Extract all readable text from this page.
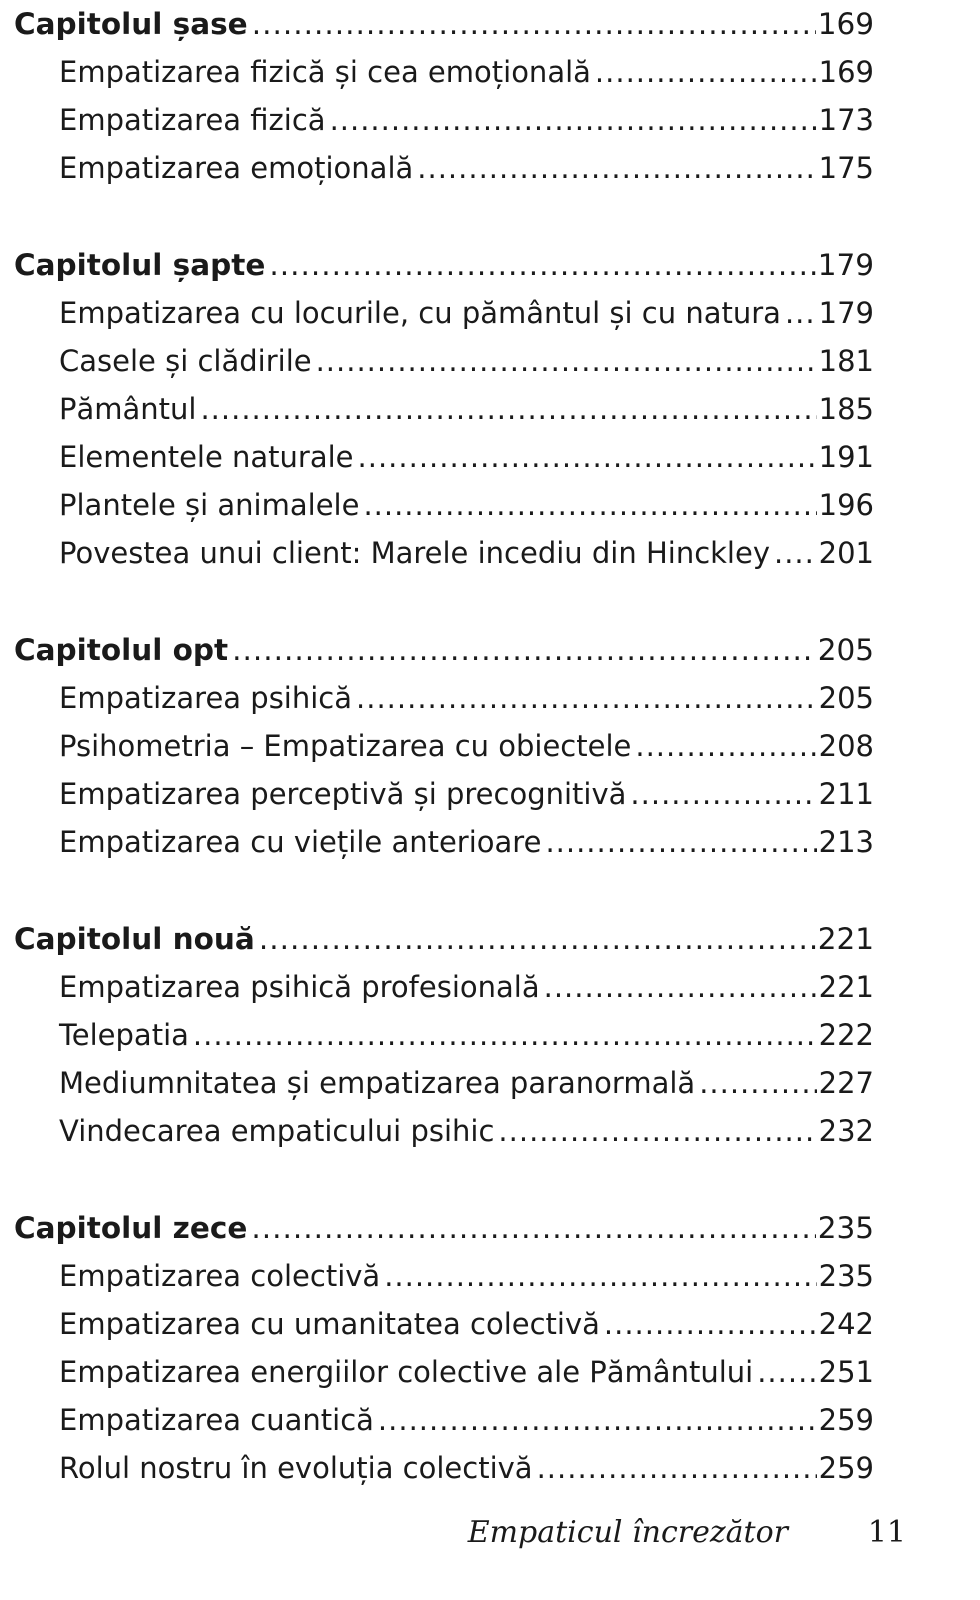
Capitolul șase .....	169
Empatizarea fizică și cea emoțională .....	169
Empatizarea fizică .....	173
Empatizarea emoțională .....	175
Capitolul șapte .....	179
Empatizarea cu locurile, cu pământul și cu natura ..... 179
Casele și clădirile .....	181
Pământul .....	185
Elementele naturale .....	191
Plantele și animalele .....	196
Povestea unui client: Marele incediu din Hinckley ..... 201
Capitolul opt .....	205
Empatizarea psihică .....	205
Psihometria – Empatizarea cu obiectele .....	208
Empatizarea perceptivă și precognitivă .....	211
Empatizarea cu viețile anterioare .....	213
Capitolul nouă .....	221
Empatizarea psihică profesională .....	221
Telepatia .....	222
Mediumnitatea și empatizarea paranormală .....	227
Vindecarea empaticului psihic .....	232
Capitolul zece .....	235
Empatizarea colectivă .....	235
Empatizarea cu umanitatea colectivă .....	242
Empatizarea energiilor colective ale Pământului ..... 251
Empatizarea cuantică .....	259
Rolul nostru în evoluția colectivă .....	259
Empaticul încrezător	11
